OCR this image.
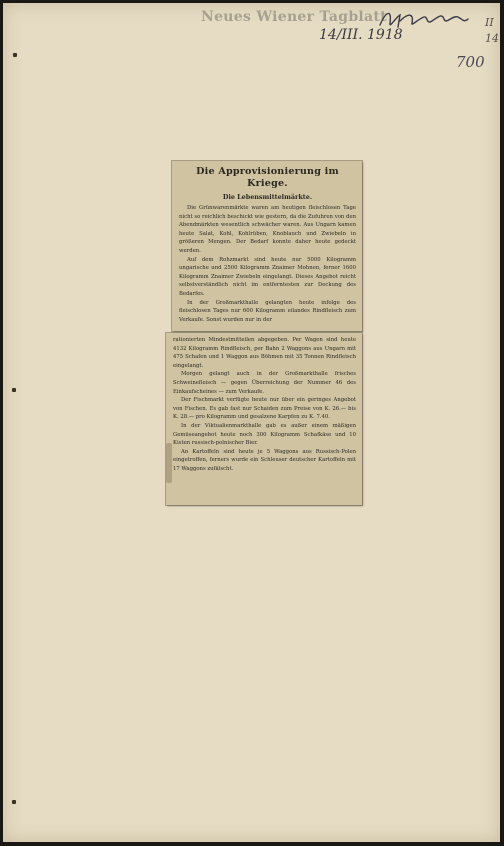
Neues Wiener Tagblatt
14/III. 1918
II
14
700
Die Approvisionierung im Kriege.
Die Lebensmittelmärkte.

Die Grünwarenmärkte waren am heutigen fleischlosen Tage nicht so reichlich beschickt wie gestern, da die Zufuhren von den Abendmärkten wesentlich schwächer waren. Aus Ungarn kamen heute Salat, Kohl, Kohlrüben, Knoblauch und Zwiebeln in größeren Mengen. Der Bedarf konnte daher heute gedeckt werden.

Auf dem Rohzmarkt sind heute nur 5000 Kilogramm ungarische und 2500 Kilogramm Znaimer Mohnen, ferner 1600 Kilogramm Znaimer Zwiebeln eingelangt. Dieses Angebot reicht selbstverständlich nicht im entferntesten zur Deckung des Bedarfes.

In der Großmarkthalle gelangten heute infolge des fleischlosen Tages nur 600 Kilogramm eilandes Rindfleisch zum Verkaufe. Sonst wurden nur in der

rationierten Mindestmitteilen abgegeben. Per Wagen sind heute 4132 Kilogramm Rindfleisch, per Bahn 2 Waggons aus Ungarn mit 475 Schafen und 1 Waggon aus Böhmen mit 35 Tonnen Rindfleisch eingelangt.

Morgen gelangt auch in der Großmarkthalle frisches Schweinefleisch — gegen Überreichung der Nummer 46 des Einkaufscheines — zum Verkaufe.

Der Fischmarkt verfügte heute nur über ein geringes Angebot von Fischen. Es gab fast nur Schaiden zum Preise von K. 26.— bis K. 28.— pro Kilogramm und gesalzene Karpfen zu K. 7.40.

In der Viktualienmarkthalle gab es außer einem mäßigen Gemüseangebot heute noch 300 Kilogramm Schafkäse und 10 Kisten russisch-polnischer Bier.

An Kartoffeln sind heute je 5 Waggons aus Russisch-Polen eingetroffen, ferners wurde ein Schleuser deutscher Kartoffeln mit 17 Waggons zufälscht.
